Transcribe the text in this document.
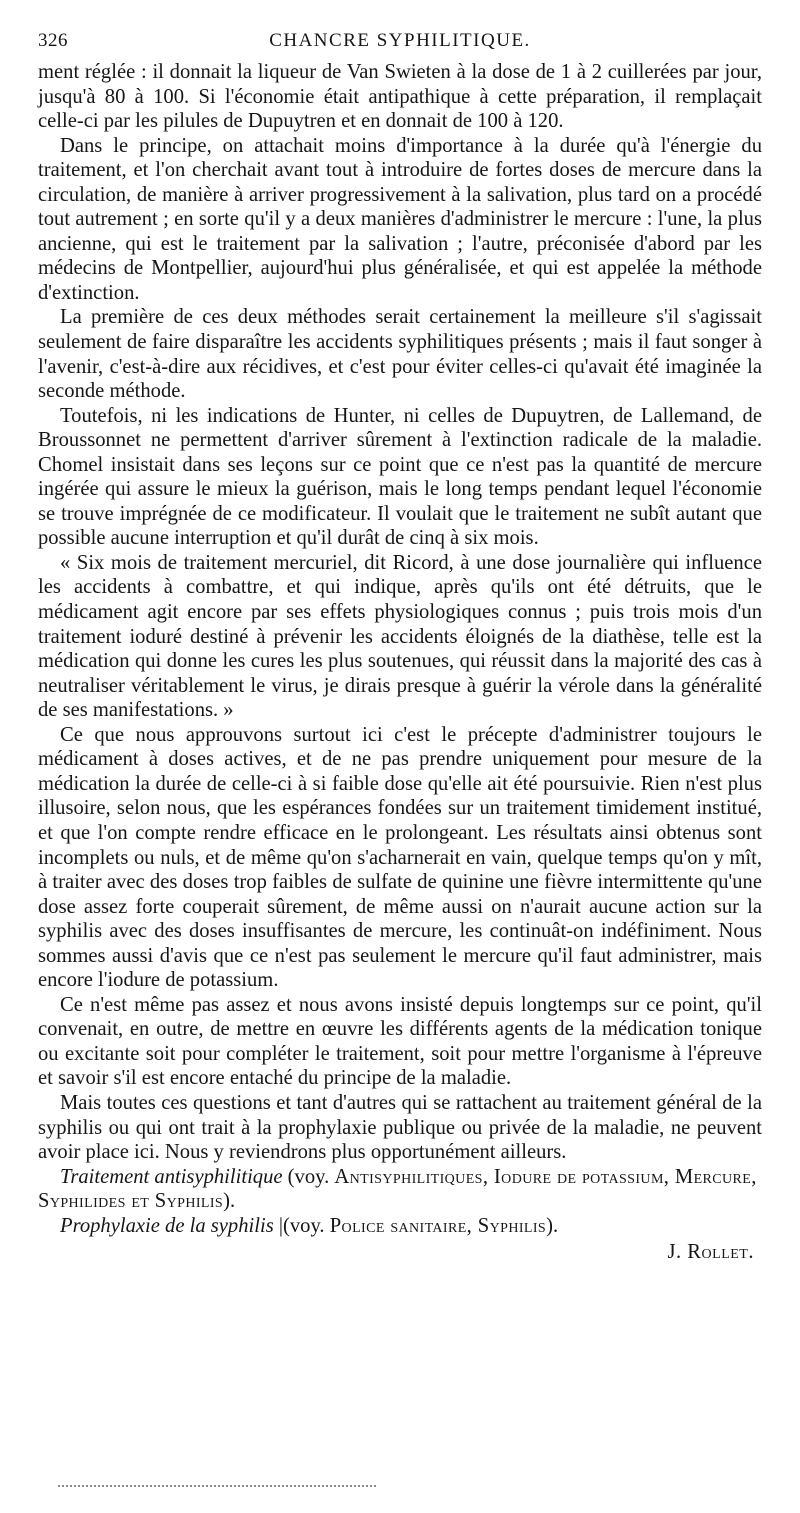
326	CHANCRE SYPHILITIQUE.

ment réglée : il donnait la liqueur de Van Swieten à la dose de 1 à 2 cuillerées par jour, jusqu'à 80 à 100. Si l'économie était antipathique à cette préparation, il remplaçait celle-ci par les pilules de Dupuytren et en donnait de 100 à 120.

Dans le principe, on attachait moins d'importance à la durée qu'à l'énergie du traitement, et l'on cherchait avant tout à introduire de fortes doses de mercure dans la circulation, de manière à arriver progressivement à la salivation, plus tard on a procédé tout autrement ; en sorte qu'il y a deux manières d'administrer le mercure : l'une, la plus ancienne, qui est le traitement par la salivation ; l'autre, préconisée d'abord par les médecins de Montpellier, aujourd'hui plus généralisée, et qui est appelée la méthode d'extinction.

La première de ces deux méthodes serait certainement la meilleure s'il s'agissait seulement de faire disparaître les accidents syphilitiques présents ; mais il faut songer à l'avenir, c'est-à-dire aux récidives, et c'est pour éviter celles-ci qu'avait été imaginée la seconde méthode.

Toutefois, ni les indications de Hunter, ni celles de Dupuytren, de Lallemand, de Broussonnet ne permettent d'arriver sûrement à l'extinction radicale de la maladie. Chomel insistait dans ses leçons sur ce point que ce n'est pas la quantité de mercure ingérée qui assure le mieux la guérison, mais le long temps pendant lequel l'économie se trouve imprégnée de ce modificateur. Il voulait que le traitement ne subît autant que possible aucune interruption et qu'il durât de cinq à six mois.

« Six mois de traitement mercuriel, dit Ricord, à une dose journalière qui influence les accidents à combattre, et qui indique, après qu'ils ont été détruits, que le médicament agit encore par ses effets physiologiques connus ; puis trois mois d'un traitement ioduré destiné à prévenir les accidents éloignés de la diathèse, telle est la médication qui donne les cures les plus soutenues, qui réussit dans la majorité des cas à neutraliser véritablement le virus, je dirais presque à guérir la vérole dans la généralité de ses manifestations. »

Ce que nous approuvons surtout ici c'est le précepte d'administrer toujours le médicament à doses actives, et de ne pas prendre uniquement pour mesure de la médication la durée de celle-ci à si faible dose qu'elle ait été poursuivie. Rien n'est plus illusoire, selon nous, que les espérances fondées sur un traitement timidement institué, et que l'on compte rendre efficace en le prolongeant. Les résultats ainsi obtenus sont incomplets ou nuls, et de même qu'on s'acharnerait en vain, quelque temps qu'on y mît, à traiter avec des doses trop faibles de sulfate de quinine une fièvre intermittente qu'une dose assez forte couperait sûrement, de même aussi on n'aurait aucune action sur la syphilis avec des doses insuffisantes de mercure, les continuât-on indéfiniment. Nous sommes aussi d'avis que ce n'est pas seulement le mercure qu'il faut administrer, mais encore l'iodure de potassium.

Ce n'est même pas assez et nous avons insisté depuis longtemps sur ce point, qu'il convenait, en outre, de mettre en œuvre les différents agents de la médication tonique ou excitante soit pour compléter le traitement, soit pour mettre l'organisme à l'épreuve et savoir s'il est encore entaché du principe de la maladie.

Mais toutes ces questions et tant d'autres qui se rattachent au traitement général de la syphilis ou qui ont trait à la prophylaxie publique ou privée de la maladie, ne peuvent avoir place ici. Nous y reviendrons plus opportunément ailleurs.

Traitement antisyphilitique (voy. Antisyphilitiques, Iodure de potassium, Mercure, Syphilides et Syphilis).

Prophylaxie de la syphilis |(voy. Police sanitaire, Syphilis).

J. Rollet.
